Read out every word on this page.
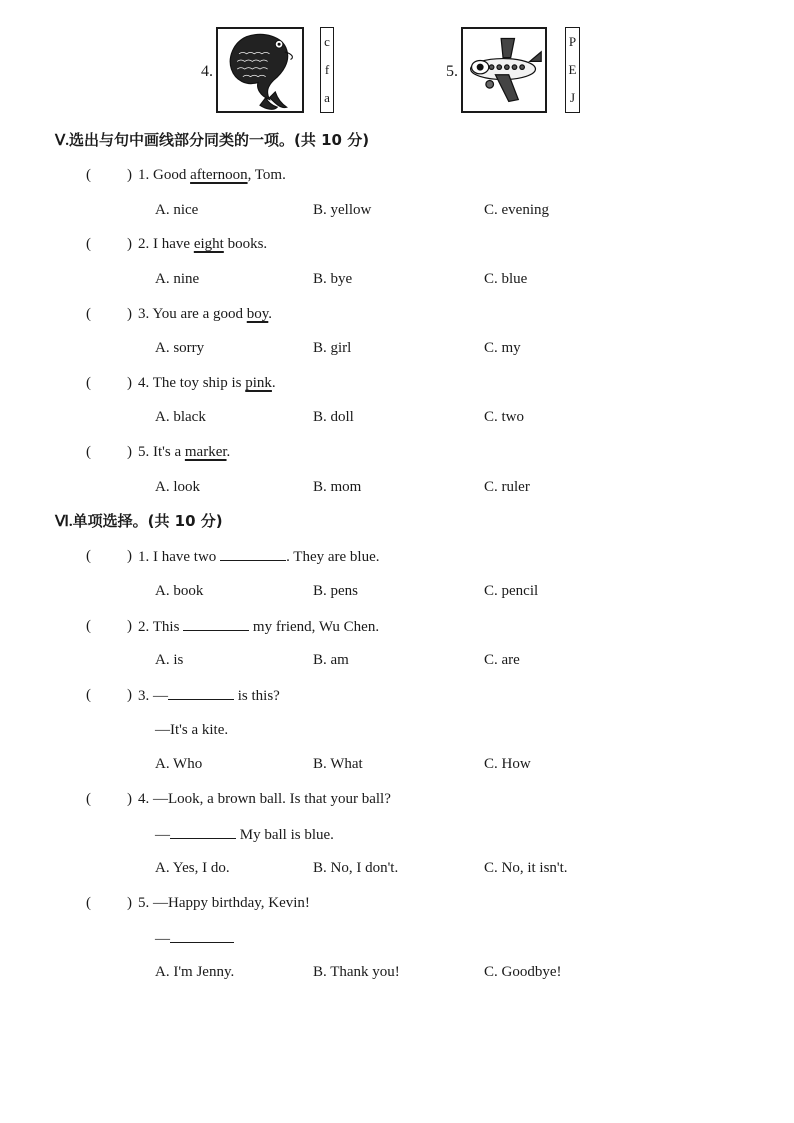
4.
c
f
a
5.
P
E
J
Ⅴ.选出与句中画线部分同类的一项。(共 10 分)
( ) 1. Good afternoon, Tom.
A. nice	B. yellow	C. evening
( ) 2. I have eight books.
A. nine	B. bye	C. blue
( ) 3. You are a good boy.
A. sorry	B. girl	C. my
( ) 4. The toy ship is pink.
A. black	B. doll	C. two
( ) 5. It's a marker.
A. look	B. mom	C. ruler
Ⅵ.单项选择。(共 10 分)
( ) 1. I have two	. They are blue.
A. book	B. pens	C. pencil
( ) 2. This	my friend, Wu Chen.
A. is	B. am	C. are
( ) 3. —	is this?
—It's a kite.
A. Who	B. What	C. How
( ) 4. —Look, a brown ball. Is that your ball?
—	My ball is blue.
A. Yes, I do.	B. No, I don't.	C. No, it isn't.
( ) 5. —Happy birthday, Kevin!
—
A. I'm Jenny.	B. Thank you!	C. Goodbye!
